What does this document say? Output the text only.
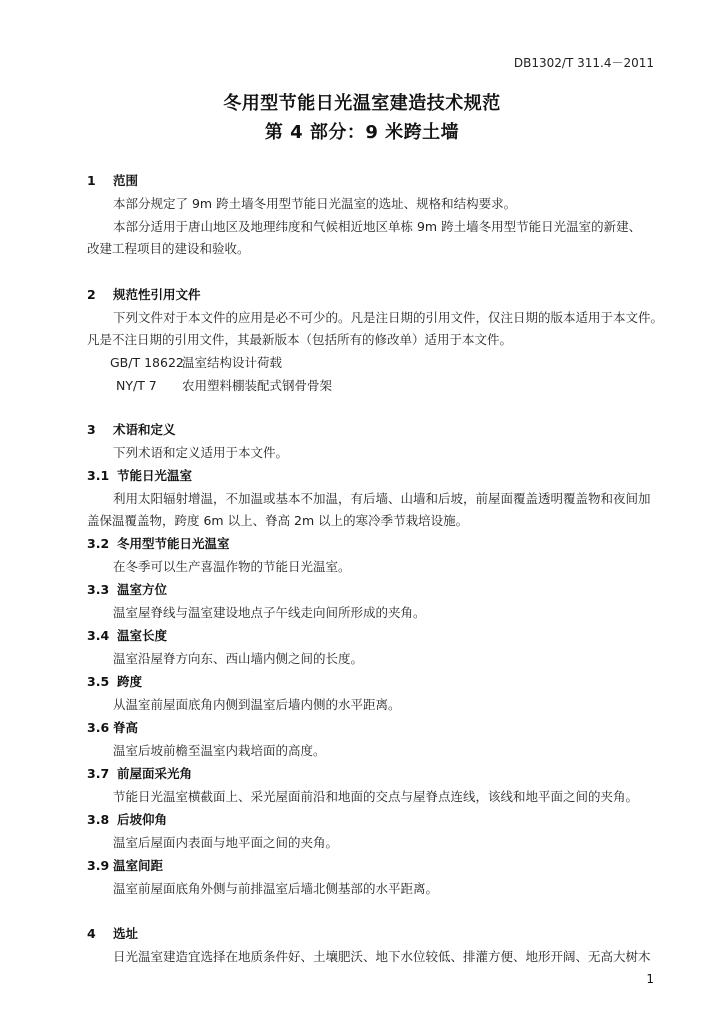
DB1302/T 311.4－2011
冬用型节能日光温室建造技术规范
第 4 部分：9 米跨土墙
1 范围
本部分规定了 9m 跨土墙冬用型节能日光温室的选址、规格和结构要求。
本部分适用于唐山地区及地理纬度和气候相近地区单栋 9m 跨土墙冬用型节能日光温室的新建、
改建工程项目的建设和验收。
2 规范性引用文件
下列文件对于本文件的应用是必不可少的。凡是注日期的引用文件，仅注日期的版本适用于本文件。
凡是不注日期的引用文件，其最新版本（包括所有的修改单）适用于本文件。
GB/T 18622温室结构设计荷载
NY/T 7 农用塑料棚装配式钢骨骨架
3 术语和定义
下列术语和定义适用于本文件。
3.1 节能日光温室
利用太阳辐射增温，不加温或基本不加温，有后墙、山墙和后坡，前屋面覆盖透明覆盖物和夜间加
盖保温覆盖物，跨度 6m 以上、脊高 2m 以上的寒冷季节栽培设施。
3.2 冬用型节能日光温室
在冬季可以生产喜温作物的节能日光温室。
3.3 温室方位
温室屋脊线与温室建设地点子午线走向间所形成的夹角。
3.4 温室长度
温室沿屋脊方向东、西山墙内侧之间的长度。
3.5 跨度
从温室前屋面底角内侧到温室后墙内侧的水平距离。
3.6 脊高
温室后坡前檐至温室内栽培面的高度。
3.7 前屋面采光角
节能日光温室横截面上、采光屋面前沿和地面的交点与屋脊点连线，该线和地平面之间的夹角。
3.8 后坡仰角
温室后屋面内表面与地平面之间的夹角。
3.9 温室间距
温室前屋面底角外侧与前排温室后墙北侧基部的水平距离。
4 选址
日光温室建造宜选择在地质条件好、土壤肥沃、地下水位较低、排灌方便、地形开阔、无高大树木
1
